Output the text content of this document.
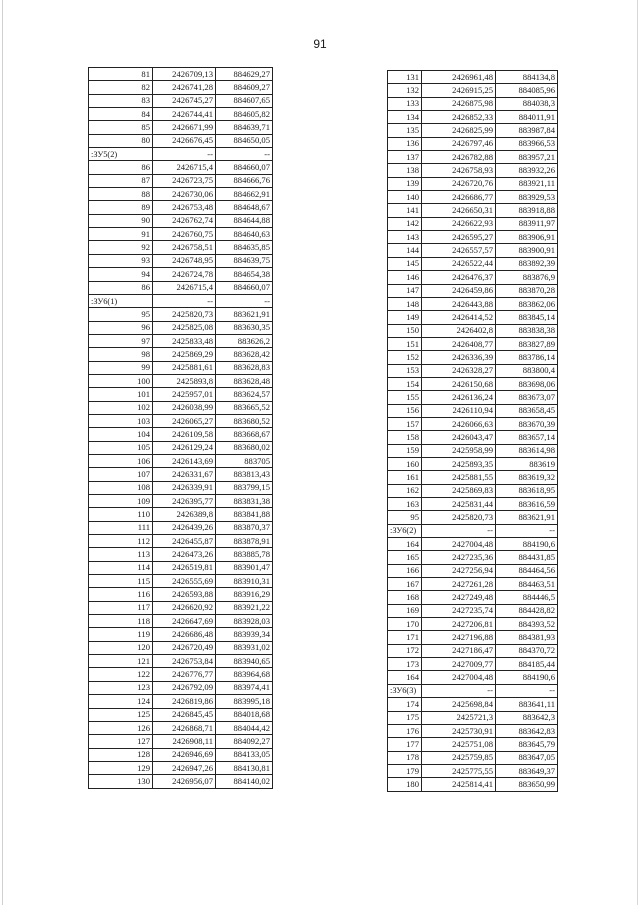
91
81	2426709,13	884629,27
82	2426741,28	884609,27
83	2426745,27	884607,65
84	2426744,41	884605,82
85	2426671,99	884639,71
80	2426676,45	884650,05
:ЗУ5(2)	--	--
86	2426715,4	884660,07
87	2426723,75	884666,76
88	2426730,06	884662,91
89	2426753,48	884648,67
90	2426762,74	884644,88
91	2426760,75	884640,63
92	2426758,51	884635,85
93	2426748,95	884639,75
94	2426724,78	884654,38
86	2426715,4	884660,07
:ЗУ6(1)	--	--
95	2425820,73	883621,91
96	2425825,08	883630,35
97	2425833,48	883626,2
98	2425869,29	883628,42
99	2425881,61	883628,83
100	2425893,8	883628,48
101	2425957,01	883624,57
102	2426038,99	883665,52
103	2426065,27	883680,52
104	2426109,58	883668,67
105	2426129,24	883680,02
106	2426143,69	883705
107	2426331,67	883813,43
108	2426339,91	883799,15
109	2426395,77	883831,38
110	2426389,8	883841,88
111	2426439,26	883870,37
112	2426455,87	883878,91
113	2426473,26	883885,78
114	2426519,81	883901,47
115	2426555,69	883910,31
116	2426593,88	883916,29
117	2426620,92	883921,22
118	2426647,69	883928,03
119	2426686,48	883939,34
120	2426720,49	883931,02
121	2426753,84	883940,65
122	2426776,77	883964,68
123	2426792,09	883974,41
124	2426819,86	883995,18
125	2426845,45	884018,68
126	2426868,71	884044,42
127	2426908,11	884092,27
128	2426946,69	884133,05
129	2426947,26	884130,81
130	2426956,07	884140,02
131	2426961,48	884134,8
132	2426915,25	884085,96
133	2426875,98	884038,3
134	2426852,33	884011,91
135	2426825,99	883987,84
136	2426797,46	883966,53
137	2426782,88	883957,21
138	2426758,93	883932,26
139	2426720,76	883921,11
140	2426686,77	883929,53
141	2426650,31	883918,88
142	2426622,93	883911,97
143	2426595,27	883906,91
144	2426557,57	883900,91
145	2426522,44	883892,39
146	2426476,37	883876,9
147	2426459,86	883870,28
148	2426443,88	883862,06
149	2426414,52	883845,14
150	2426402,8	883838,38
151	2426408,77	883827,89
152	2426336,39	883786,14
153	2426328,27	883800,4
154	2426150,68	883698,06
155	2426136,24	883673,07
156	2426110,94	883658,45
157	2426066,63	883670,39
158	2426043,47	883657,14
159	2425958,99	883614,98
160	2425893,35	883619
161	2425881,55	883619,32
162	2425869,83	883618,95
163	2425831,44	883616,59
95	2425820,73	883621,91
:ЗУ6(2)	--	--
164	2427004,48	884190,6
165	2427235,36	884431,85
166	2427256,94	884464,56
167	2427261,28	884463,51
168	2427249,48	884446,5
169	2427235,74	884428,82
170	2427206,81	884393,52
171	2427196,88	884381,93
172	2427186,47	884370,72
173	2427009,77	884185,44
164	2427004,48	884190,6
:ЗУ6(3)	--	--
174	2425698,84	883641,11
175	2425721,3	883642,3
176	2425730,91	883642,83
177	2425751,08	883645,79
178	2425759,85	883647,05
179	2425775,55	883649,37
180	2425814,41	883650,99
